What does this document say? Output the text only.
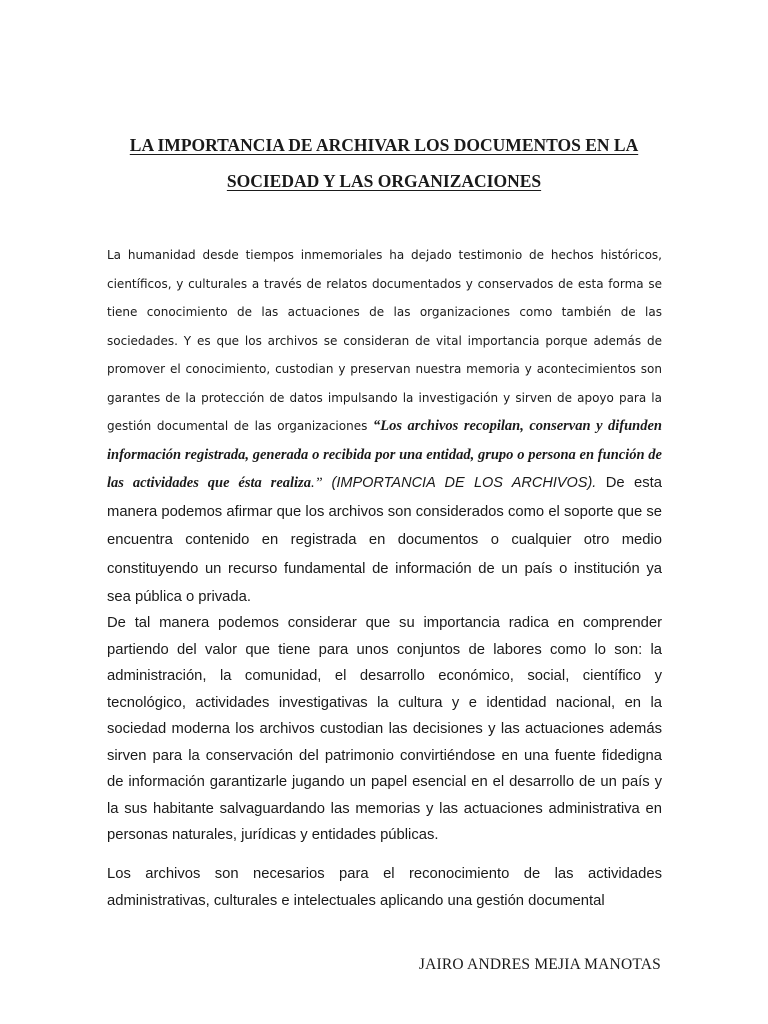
LA IMPORTANCIA DE ARCHIVAR LOS DOCUMENTOS EN LA
SOCIEDAD Y LAS ORGANIZACIONES

La humanidad desde tiempos inmemoriales ha dejado testimonio de hechos históricos, científicos, y culturales a través de relatos documentados y conservados de esta forma se tiene conocimiento de las actuaciones de las organizaciones como también de las sociedades. Y es que los archivos se consideran de vital importancia porque además de promover el conocimiento, custodian y preservan nuestra memoria y acontecimientos son garantes de la protección de datos impulsando la investigación y sirven de apoyo para la gestión documental de las organizaciones “Los archivos recopilan, conservan y difunden información registrada, generada o recibida por una entidad, grupo o persona en función de las actividades que ésta realiza.” (IMPORTANCIA DE LOS ARCHIVOS). De esta manera podemos afirmar que los archivos son considerados como el soporte que se encuentra contenido en registrada en documentos o cualquier otro medio constituyendo un recurso fundamental de información de un país o institución ya sea pública o privada.

De tal manera podemos considerar que su importancia radica en comprender partiendo del valor que tiene para unos conjuntos de labores como lo son: la administración, la comunidad, el desarrollo económico, social, científico y tecnológico, actividades investigativas la cultura y e identidad nacional, en la sociedad moderna los archivos custodian las decisiones y las actuaciones además sirven para la conservación del patrimonio convirtiéndose en una fuente fidedigna de información garantizarle jugando un papel esencial en el desarrollo de un país y la sus habitante salvaguardando las memorias y las actuaciones administrativa en personas naturales, jurídicas y entidades públicas.

Los archivos son necesarios para el reconocimiento de las actividades administrativas, culturales e intelectuales aplicando una gestión documental

JAIRO ANDRES MEJIA MANOTAS
